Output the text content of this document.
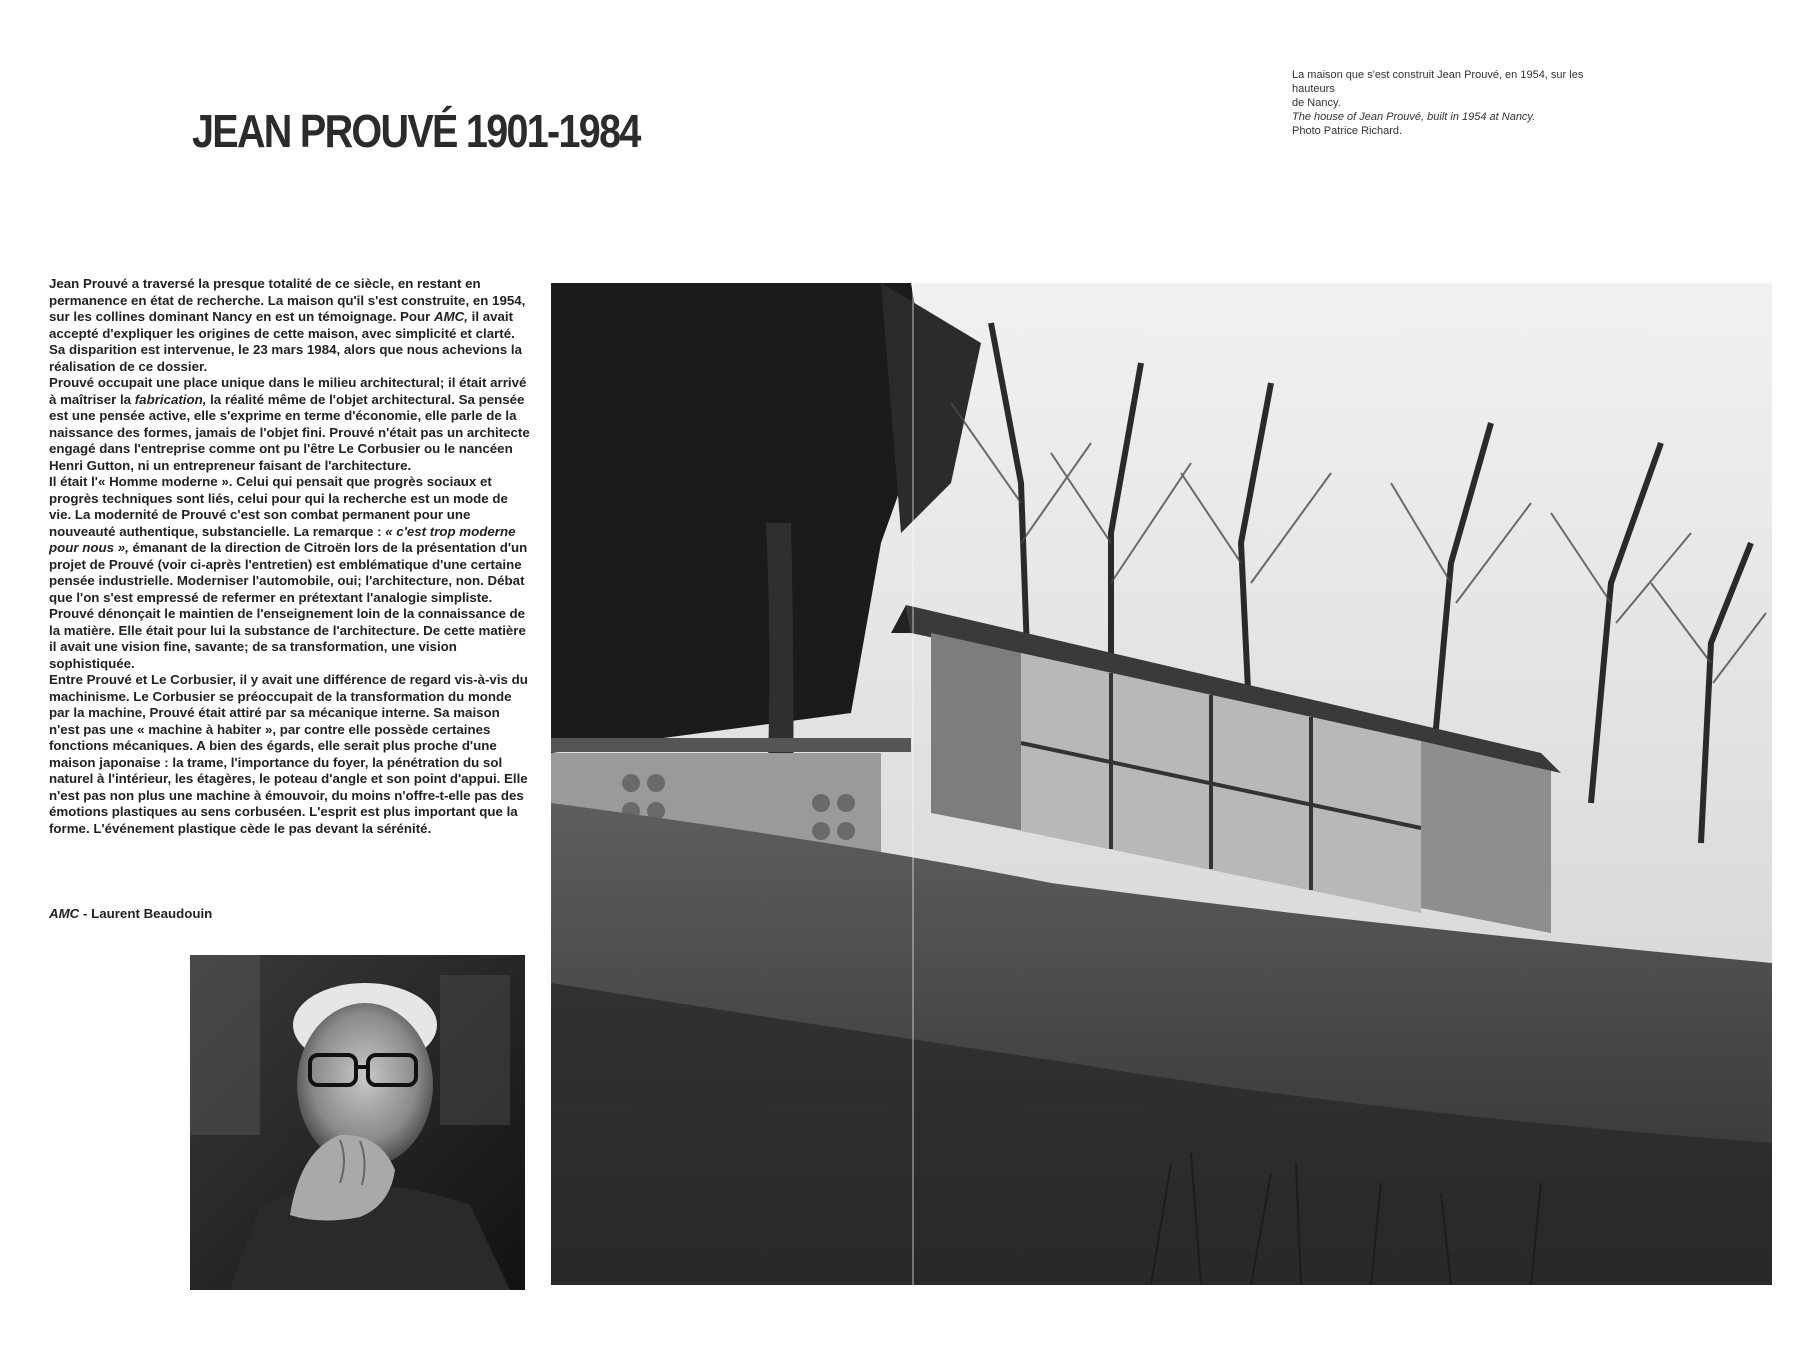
La maison que s'est construit Jean Prouvé, en 1954, sur les hauteurs
de Nancy.
The house of Jean Prouvé, built in 1954 at Nancy.
Photo Patrice Richard.
JEAN PROUVÉ 1901-1984

Jean Prouvé a traversé la presque totalité de ce siècle, en restant en permanence en état de recherche. La maison qu'il s'est construite, en 1954, sur les collines dominant Nancy en est un témoignage. Pour AMC, il avait accepté d'expliquer les origines de cette maison, avec simplicité et clarté. Sa disparition est intervenue, le 23 mars 1984, alors que nous achevions la réalisation de ce dossier.

Prouvé occupait une place unique dans le milieu architectural; il était arrivé à maîtriser la fabrication, la réalité même de l'objet architectural. Sa pensée est une pensée active, elle s'exprime en terme d'économie, elle parle de la naissance des formes, jamais de l'objet fini. Prouvé n'était pas un architecte engagé dans l'entreprise comme ont pu l'être Le Corbusier ou le nancéen Henri Gutton, ni un entrepreneur faisant de l'architecture.

Il était l'« Homme moderne ». Celui qui pensait que progrès sociaux et progrès techniques sont liés, celui pour qui la recherche est un mode de vie. La modernité de Prouvé c'est son combat permanent pour une nouveauté authentique, substancielle. La remarque : « c'est trop moderne pour nous », émanant de la direction de Citroën lors de la présentation d'un projet de Prouvé (voir ci-après l'entretien) est emblématique d'une certaine pensée industrielle. Moderniser l'automobile, oui; l'architecture, non. Débat que l'on s'est empressé de refermer en prétextant l'analogie simpliste.

Prouvé dénonçait le maintien de l'enseignement loin de la connaissance de la matière. Elle était pour lui la substance de l'architecture. De cette matière il avait une vision fine, savante; de sa transformation, une vision sophistiquée.

Entre Prouvé et Le Corbusier, il y avait une différence de regard vis-à-vis du machinisme. Le Corbusier se préoccupait de la transformation du monde par la machine, Prouvé était attiré par sa mécanique interne. Sa maison n'est pas une « machine à habiter », par contre elle possède certaines fonctions mécaniques. A bien des égards, elle serait plus proche d'une maison japonaise : la trame, l'importance du foyer, la pénétration du sol naturel à l'intérieur, les étagères, le poteau d'angle et son point d'appui. Elle n'est pas non plus une machine à émouvoir, du moins n'offre-t-elle pas des émotions plastiques au sens corbuséen. L'esprit est plus important que la forme. L'événement plastique cède le pas devant la sérénité.

AMC - Laurent Beaudouin
